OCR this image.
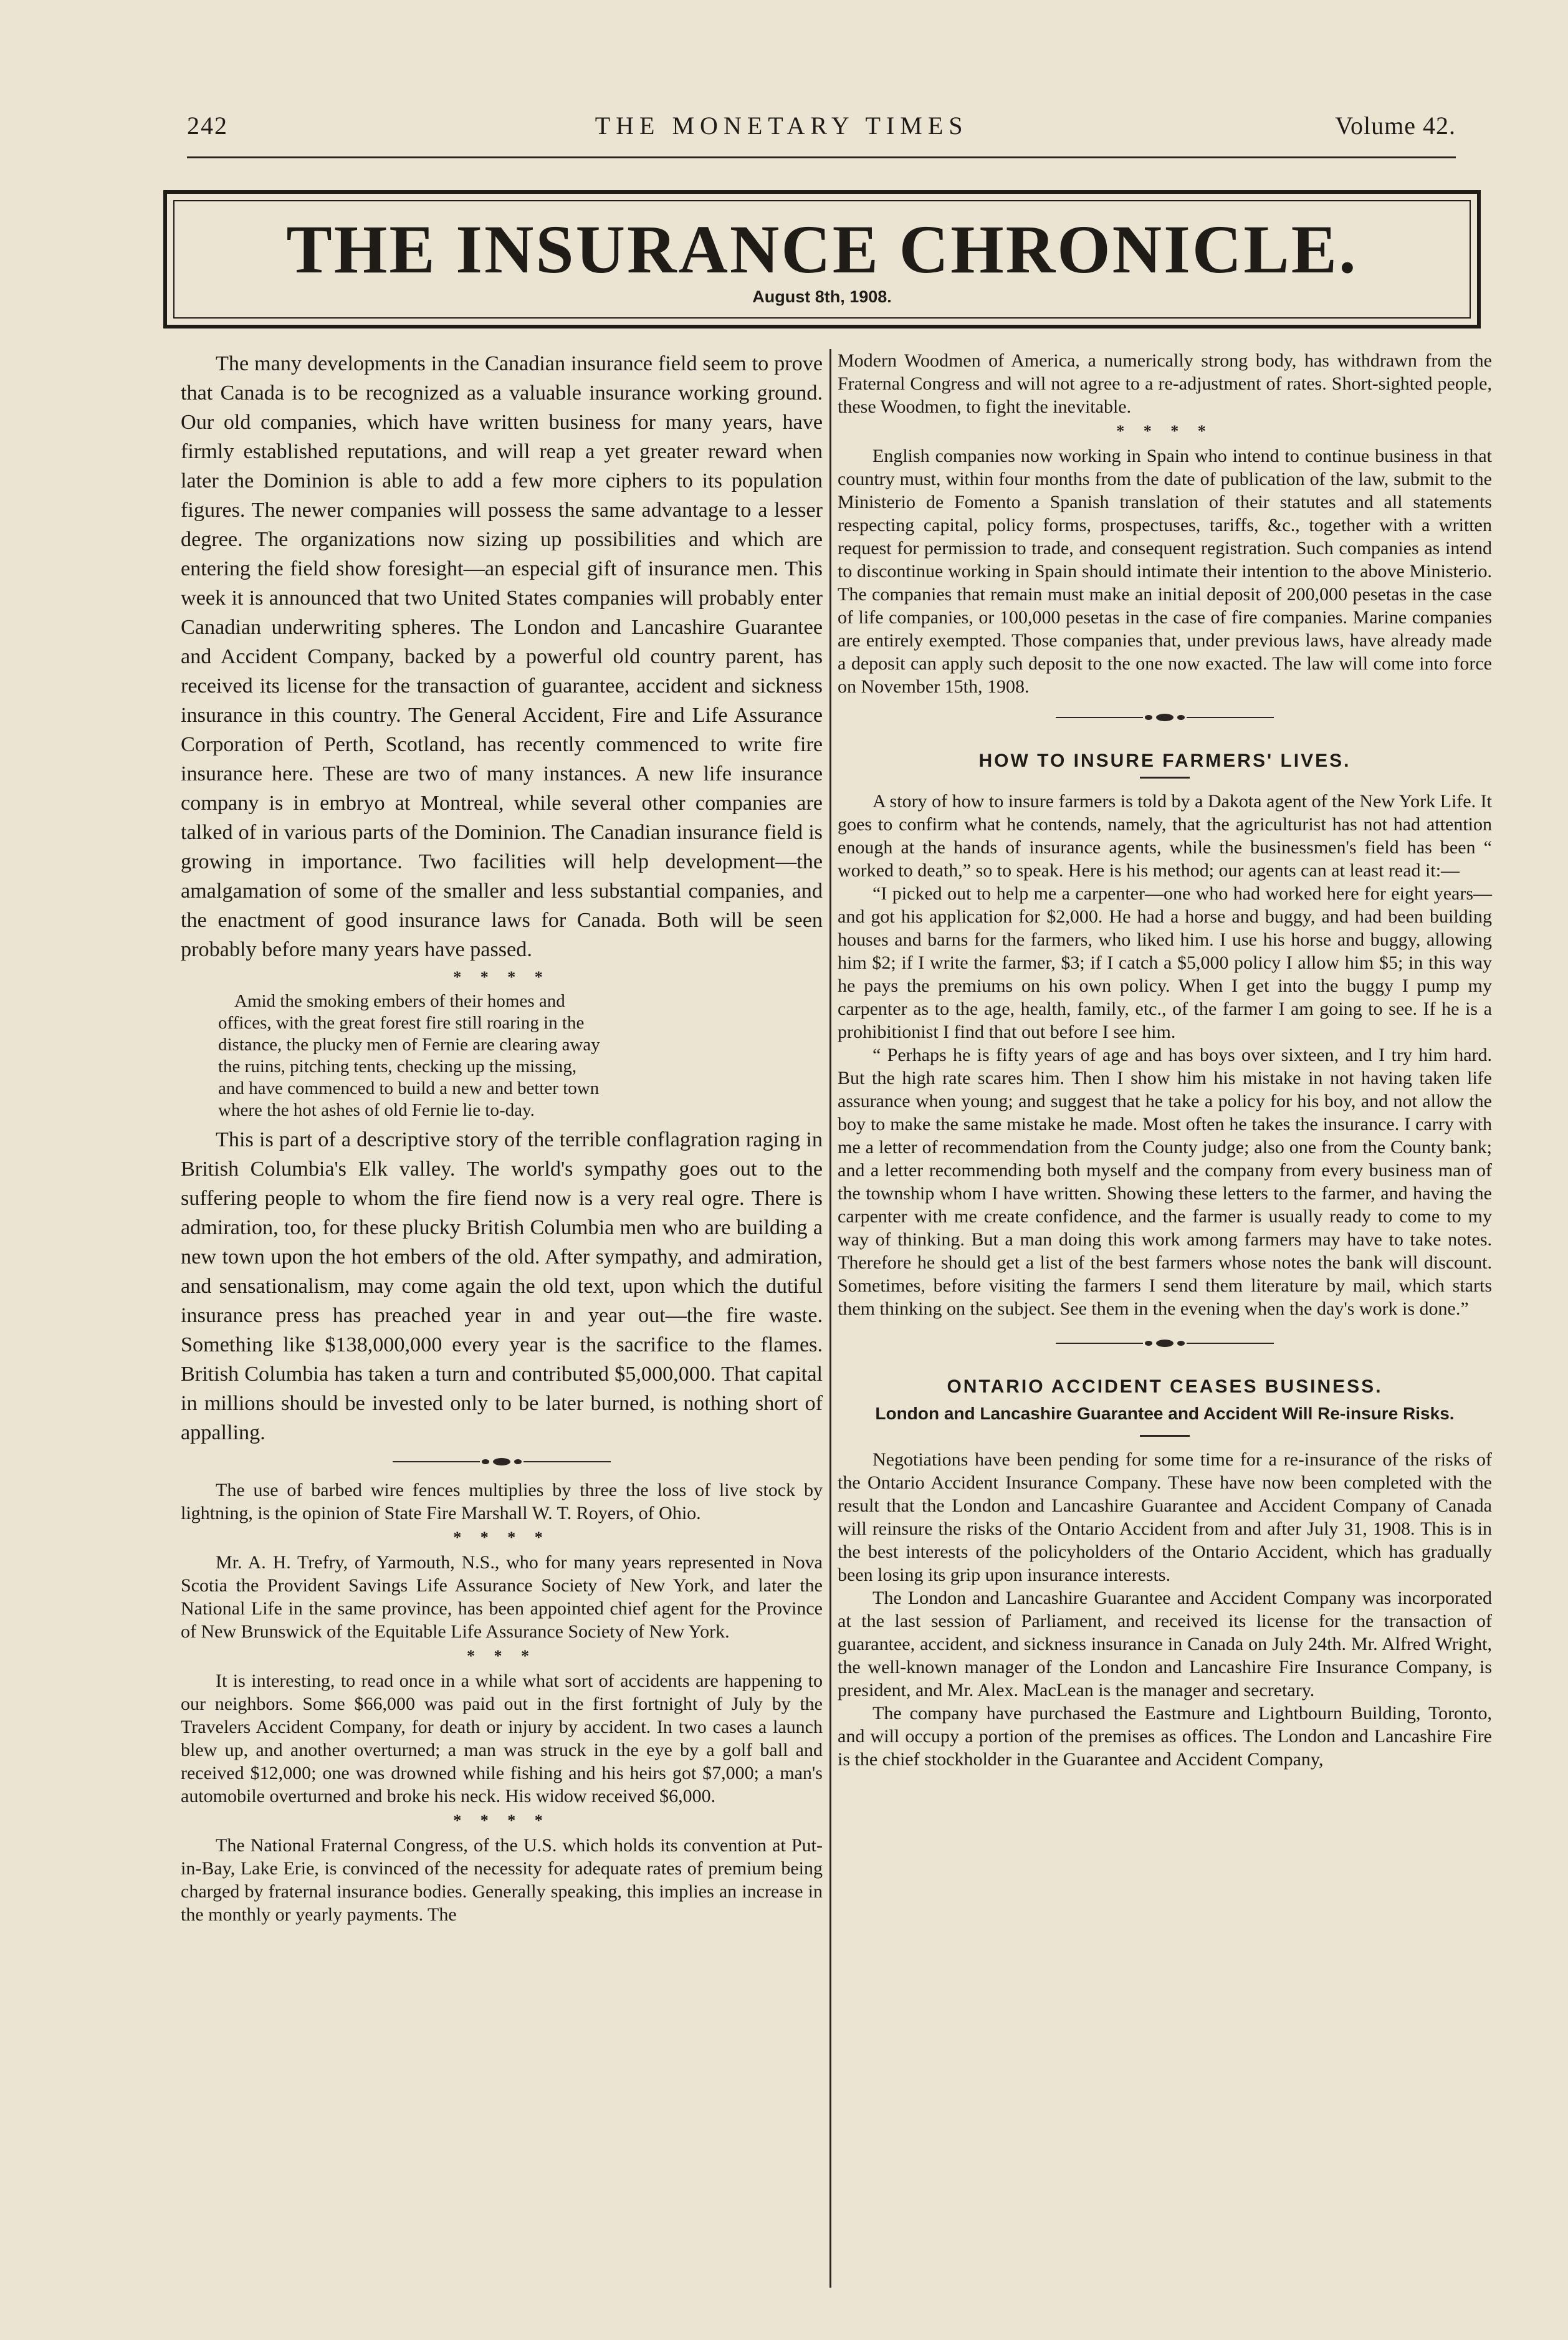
242	THE MONETARY TIMES	Volume 42.
THE INSURANCE CHRONICLE.
August 8th, 1908.

The many developments in the Canadian insurance field seem to prove that Canada is to be recognized as a valuable insurance working ground. Our old companies, which have written business for many years, have firmly established reputations, and will reap a yet greater reward when later the Dominion is able to add a few more ciphers to its population figures. The newer companies will possess the same advantage to a lesser degree. The organizations now sizing up possibilities and which are entering the field show foresight—an especial gift of insurance men. This week it is announced that two United States companies will probably enter Canadian underwriting spheres. The London and Lancashire Guarantee and Accident Company, backed by a powerful old country parent, has received its license for the transaction of guarantee, accident and sickness insurance in this country. The General Accident, Fire and Life Assurance Corporation of Perth, Scotland, has recently commenced to write fire insurance here. These are two of many instances. A new life insurance company is in embryo at Montreal, while several other companies are talked of in various parts of the Dominion. The Canadian insurance field is growing in importance. Two facilities will help development—the amalgamation of some of the smaller and less substantial companies, and the enactment of good insurance laws for Canada. Both will be seen probably before many years have passed.

* * * *
Amid the smoking embers of their homes and
offices, with the great forest fire still roaring in the
distance, the plucky men of Fernie are clearing away
the ruins, pitching tents, checking up the missing,
and have commenced to build a new and better town
where the hot ashes of old Fernie lie to-day.

This is part of a descriptive story of the terrible conflagration raging in British Columbia's Elk valley. The world's sympathy goes out to the suffering people to whom the fire fiend now is a very real ogre. There is admiration, too, for these plucky British Columbia men who are building a new town upon the hot embers of the old. After sympathy, and admiration, and sensationalism, may come again the old text, upon which the dutiful insurance press has preached year in and year out—the fire waste. Something like $138,000,000 every year is the sacrifice to the flames. British Columbia has taken a turn and contributed $5,000,000. That capital in millions should be invested only to be later burned, is nothing short of appalling.

The use of barbed wire fences multiplies by three the loss of live stock by lightning, is the opinion of State Fire Marshall W. T. Royers, of Ohio.

* * * *

Mr. A. H. Trefry, of Yarmouth, N.S., who for many years represented in Nova Scotia the Provident Savings Life Assurance Society of New York, and later the National Life in the same province, has been appointed chief agent for the Province of New Brunswick of the Equitable Life Assurance Society of New York.

* * *

It is interesting, to read once in a while what sort of accidents are happening to our neighbors. Some $66,000 was paid out in the first fortnight of July by the Travelers Accident Company, for death or injury by accident. In two cases a launch blew up, and another overturned; a man was struck in the eye by a golf ball and received $12,000; one was drowned while fishing and his heirs got $7,000; a man's automobile overturned and broke his neck. His widow received $6,000.

* * * *

The National Fraternal Congress, of the U.S. which holds its convention at Put-in-Bay, Lake Erie, is convinced of the necessity for adequate rates of premium being charged by fraternal insurance bodies. Generally speaking, this implies an increase in the monthly or yearly payments. The

Modern Woodmen of America, a numerically strong body, has withdrawn from the Fraternal Congress and will not agree to a re-adjustment of rates. Short-sighted people, these Woodmen, to fight the inevitable.

* * * *

English companies now working in Spain who intend to continue business in that country must, within four months from the date of publication of the law, submit to the Ministerio de Fomento a Spanish translation of their statutes and all statements respecting capital, policy forms, prospectuses, tariffs, &c., together with a written request for permission to trade, and consequent registration. Such companies as intend to discontinue working in Spain should intimate their intention to the above Ministerio. The companies that remain must make an initial deposit of 200,000 pesetas in the case of life companies, or 100,000 pesetas in the case of fire companies. Marine companies are entirely exempted. Those companies that, under previous laws, have already made a deposit can apply such deposit to the one now exacted. The law will come into force on November 15th, 1908.

HOW TO INSURE FARMERS' LIVES.

A story of how to insure farmers is told by a Dakota agent of the New York Life. It goes to confirm what he contends, namely, that the agriculturist has not had attention enough at the hands of insurance agents, while the businessmen's field has been “ worked to death,” so to speak. Here is his method; our agents can at least read it:—

“I picked out to help me a carpenter—one who had worked here for eight years—and got his application for $2,000. He had a horse and buggy, and had been building houses and barns for the farmers, who liked him. I use his horse and buggy, allowing him $2; if I write the farmer, $3; if I catch a $5,000 policy I allow him $5; in this way he pays the premiums on his own policy. When I get into the buggy I pump my carpenter as to the age, health, family, etc., of the farmer I am going to see. If he is a prohibitionist I find that out before I see him.

“ Perhaps he is fifty years of age and has boys over sixteen, and I try him hard. But the high rate scares him. Then I show him his mistake in not having taken life assurance when young; and suggest that he take a policy for his boy, and not allow the boy to make the same mistake he made. Most often he takes the insurance. I carry with me a letter of recommendation from the County judge; also one from the County bank; and a letter recommending both myself and the company from every business man of the township whom I have written. Showing these letters to the farmer, and having the carpenter with me create confidence, and the farmer is usually ready to come to my way of thinking. But a man doing this work among farmers may have to take notes. Therefore he should get a list of the best farmers whose notes the bank will discount. Sometimes, before visiting the farmers I send them literature by mail, which starts them thinking on the subject. See them in the evening when the day's work is done.”

ONTARIO ACCIDENT CEASES BUSINESS.
London and Lancashire Guarantee and Accident Will Re-insure Risks.

Negotiations have been pending for some time for a re-insurance of the risks of the Ontario Accident Insurance Company. These have now been completed with the result that the London and Lancashire Guarantee and Accident Company of Canada will reinsure the risks of the Ontario Accident from and after July 31, 1908. This is in the best interests of the policyholders of the Ontario Accident, which has gradually been losing its grip upon insurance interests.

The London and Lancashire Guarantee and Accident Company was incorporated at the last session of Parliament, and received its license for the transaction of guarantee, accident, and sickness insurance in Canada on July 24th. Mr. Alfred Wright, the well-known manager of the London and Lancashire Fire Insurance Company, is president, and Mr. Alex. MacLean is the manager and secretary.

The company have purchased the Eastmure and Lightbourn Building, Toronto, and will occupy a portion of the premises as offices. The London and Lancashire Fire is the chief stockholder in the Guarantee and Accident Company,
